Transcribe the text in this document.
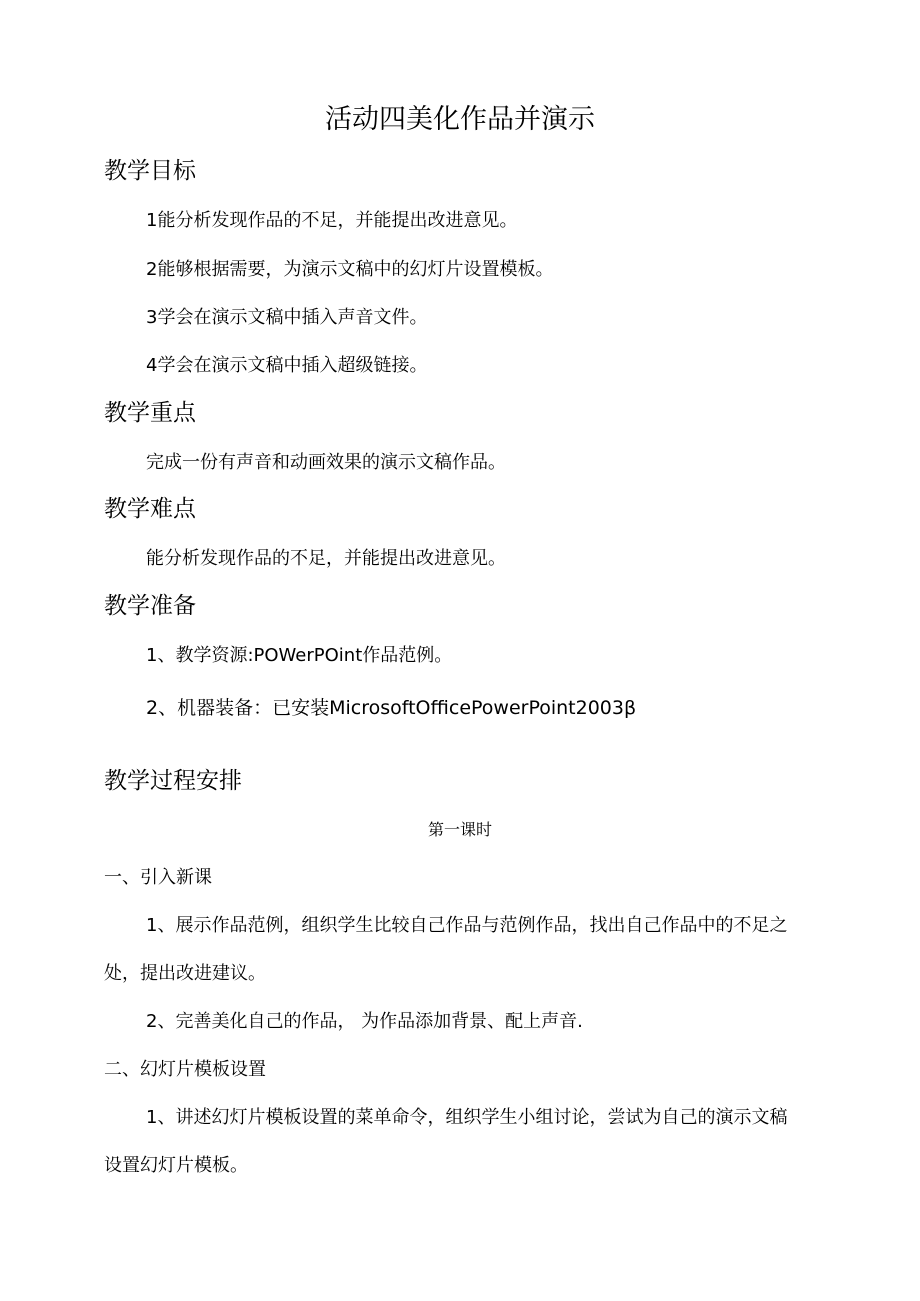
活动四美化作品并演示
教学目标
1能分析发现作品的不足，并能提出改进意见。
2能够根据需要，为演示文稿中的幻灯片设置模板。
3学会在演示文稿中插入声音文件。
4学会在演示文稿中插入超级链接。
教学重点
完成一份有声音和动画效果的演示文稿作品。
教学难点
能分析发现作品的不足，并能提出改进意见。
教学准备
1、教学资源:POWerPOint作品范例。
2、机器装备：已安装MicrosoftOfficePowerPoint2003β
教学过程安排
第一课时
一、引入新课
1、展示作品范例，组织学生比较自己作品与范例作品，找出自己作品中的不足之
处，提出改进建议。
2、完善美化自己的作品， 为作品添加背景、配上声音.
二、幻灯片模板设置
1、讲述幻灯片模板设置的菜单命令，组织学生小组讨论，尝试为自己的演示文稿
设置幻灯片模板。
